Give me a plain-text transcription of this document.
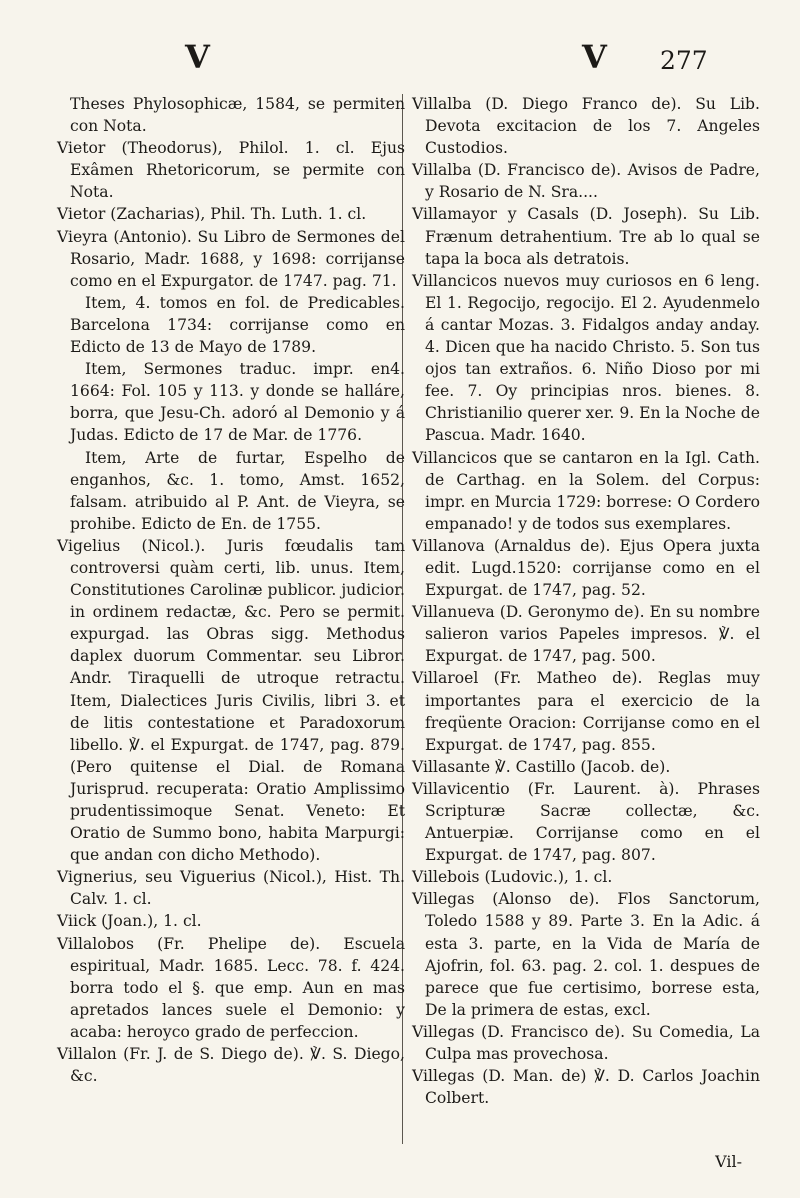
V	V 277

Theses Phylosophicæ, 1584, se permiten con Nota.

Vietor (Theodorus), Philol. 1. cl. Ejus Exâmen Rhetoricorum, se permite con Nota.

Vietor (Zacharias), Phil. Th. Luth. 1. cl.

Vieyra (Antonio). Su Libro de Sermones del Rosario, Madr. 1688, y 1698: corrijanse como en el Expurgator. de 1747. pag. 71.

Item, 4. tomos en fol. de Predicables. Barcelona 1734: corrijanse como en Edicto de 13 de Mayo de 1789.

Item, Sermones traduc. impr. en4. 1664: Fol. 105 y 113. y donde se halláre, borra, que Jesu-Ch. adoró al Demonio y á Judas. Edicto de 17 de Mar. de 1776.

Item, Arte de furtar, Espelho de enganhos, &c. 1. tomo, Amst. 1652, falsam. atribuido al P. Ant. de Vieyra, se prohibe. Edicto de En. de 1755.

Vigelius (Nicol.). Juris fœudalis tam controversi quàm certi, lib. unus. Item, Constitutiones Carolinæ publicor. judicior. in ordinem redactæ, &c. Pero se permit. expurgad. las Obras sigg. Methodus daplex duorum Commentar. seu Libror. Andr. Tiraquelli de utroque retractu. Item, Dialectices Juris Civilis, libri 3. et de litis contestatione et Paradoxorum libello. ℣. el Expurgat. de 1747, pag. 879. (Pero quitense el Dial. de Romana Jurisprud. recuperata: Oratio Amplissimo prudentissimoque Senat. Veneto: Et Oratio de Summo bono, habita Marpurgi: que andan con dicho Methodo).

Vignerius, seu Viguerius (Nicol.), Hist. Th. Calv. 1. cl.

Viick (Joan.), 1. cl.

Villalobos (Fr. Phelipe de). Escuela espiritual, Madr. 1685. Lecc. 78. f. 424. borra todo el §. que emp. Aun en mas apretados lances suele el Demonio: y acaba: heroyco grado de perfeccion.

Villalon (Fr. J. de S. Diego de). ℣. S. Diego, &c.

Villalba (D. Diego Franco de). Su Lib. Devota excitacion de los 7. Angeles Custodios.

Villalba (D. Francisco de). Avisos de Padre, y Rosario de N. Sra....

Villamayor y Casals (D. Joseph). Su Lib. Frænum detrahentium. Tre ab lo qual se tapa la boca als detratois.

Villancicos nuevos muy curiosos en 6 leng. El 1. Regocijo, regocijo. El 2. Ayudenmelo á cantar Mozas. 3. Fidalgos anday anday. 4. Dicen que ha nacido Christo. 5. Son tus ojos tan extraños. 6. Niño Dioso por mi fee. 7. Oy principias nros. bienes. 8. Christianilio querer xer. 9. En la Noche de Pascua. Madr. 1640.

Villancicos que se cantaron en la Igl. Cath. de Carthag. en la Solem. del Corpus: impr. en Murcia 1729: borrese: O Cordero empanado! y de todos sus exemplares.

Villanova (Arnaldus de). Ejus Opera juxta edit. Lugd.1520: corrijanse como en el Expurgat. de 1747, pag. 52.

Villanueva (D. Geronymo de). En su nombre salieron varios Papeles impresos. ℣. el Expurgat. de 1747, pag. 500.

Villaroel (Fr. Matheo de). Reglas muy importantes para el exercicio de la freqüente Oracion: Corrijanse como en el Expurgat. de 1747, pag. 855.

Villasante ℣. Castillo (Jacob. de).

Villavicentio (Fr. Laurent. à). Phrases Scripturæ Sacræ collectæ, &c. Antuerpiæ. Corrijanse como en el Expurgat. de 1747, pag. 807.

Villebois (Ludovic.), 1. cl.

Villegas (Alonso de). Flos Sanctorum, Toledo 1588 y 89. Parte 3. En la Adic. á esta 3. parte, en la Vida de María de Ajofrin, fol. 63. pag. 2. col. 1. despues de parece que fue certisimo, borrese esta, De la primera de estas, excl.

Villegas (D. Francisco de). Su Comedia, La Culpa mas provechosa.

Villegas (D. Man. de) ℣. D. Carlos Joachin Colbert.

Vil-
